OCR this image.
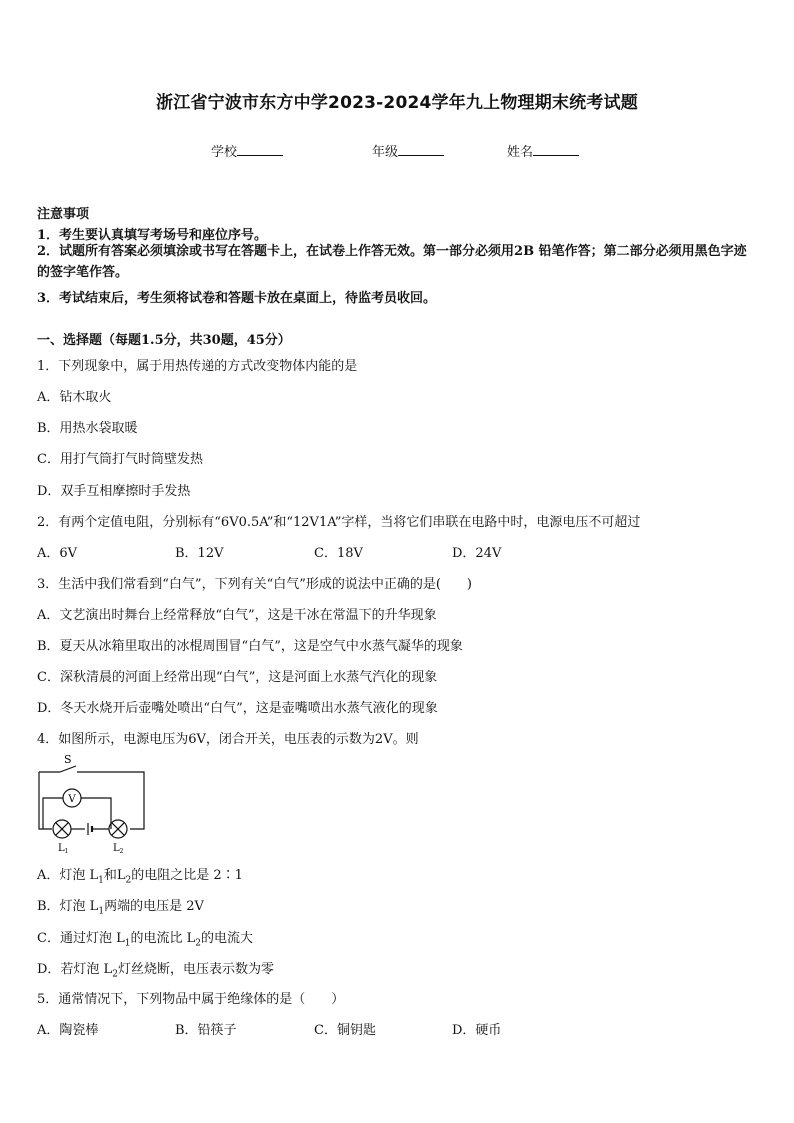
浙江省宁波市东方中学2023-2024学年九上物理期末统考试题
学校	年级	姓名
注意事项
1．考生要认真填写考场号和座位序号。
2．试题所有答案必须填涂或书写在答题卡上，在试卷上作答无效。第一部分必须用2B 铅笔作答；第二部分必须用黑色字迹的签字笔作答。
3．考试结束后，考生须将试卷和答题卡放在桌面上，待监考员收回。
一、选择题（每题1.5分，共30题，45分）
1．下列现象中，属于用热传递的方式改变物体内能的是
A．钻木取火
B．用热水袋取暖
C．用打气筒打气时筒壁发热
D．双手互相摩擦时手发热
2．有两个定值电阻，分别标有“6V0.5A”和“12V1A”字样，当将它们串联在电路中时，电源电压不可超过
A．6V	B．12V	C．18V	D．24V
3．生活中我们常看到“白气”，下列有关“白气”形成的说法中正确的是(　　)
A．文艺演出时舞台上经常释放“白气”，这是干冰在常温下的升华现象
B．夏天从冰箱里取出的冰棍周围冒“白气”，这是空气中水蒸气凝华的现象
C．深秋清晨的河面上经常出现“白气”，这是河面上水蒸气汽化的现象
D．冬天水烧开后壶嘴处喷出“白气”，这是壶嘴喷出水蒸气液化的现象
4．如图所示，电源电压为6V，闭合开关，电压表的示数为2V。则
S
V
$L_1$	$L_2$
A．灯泡 $L_1$和$L_2$的电阻之比是 2∶1
B．灯泡 $L_1$两端的电压是 2V
C．通过灯泡 $L_1$的电流比 $L_2$的电流大
D．若灯泡 $L_2$灯丝烧断，电压表示数为零
5．通常情况下，下列物品中属于绝缘体的是（　　）
A．陶瓷棒	B．铅筷子	C．铜钥匙	D．硬币
